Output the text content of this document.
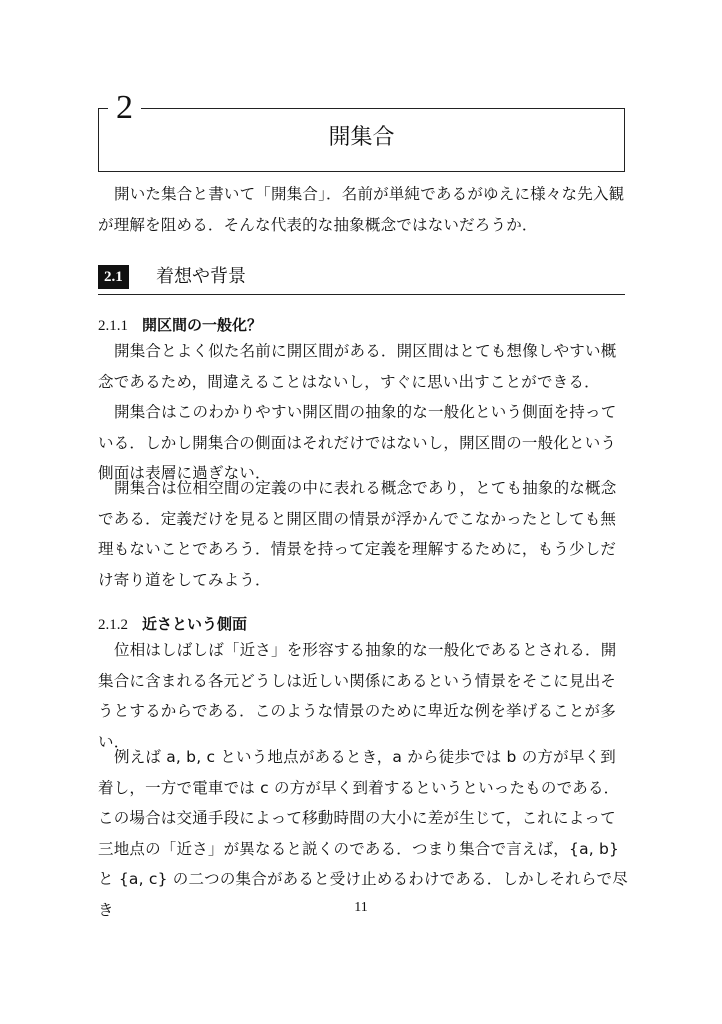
2
開集合

開いた集合と書いて「開集合」．名前が単純であるがゆえに様々な先入観が理解を阻める．そんな代表的な抽象概念ではないだろうか．

2.1	着想や背景
2.1.1 開区間の一般化？

開集合とよく似た名前に開区間がある．開区間はとても想像しやすい概念であるため，間違えることはないし，すぐに思い出すことができる．

開集合はこのわかりやすい開区間の抽象的な一般化という側面を持っている．しかし開集合の側面はそれだけではないし，開区間の一般化という側面は表層に過ぎない．

開集合は位相空間の定義の中に表れる概念であり，とても抽象的な概念である．定義だけを見ると開区間の情景が浮かんでこなかったとしても無理もないことであろう．情景を持って定義を理解するために，もう少しだけ寄り道をしてみよう．

2.1.2 近さという側面

位相はしばしば「近さ」を形容する抽象的な一般化であるとされる．開集合に含まれる各元どうしは近しい関係にあるという情景をそこに見出そうとするからである．このような情景のために卑近な例を挙げることが多い．

例えば a, b, c という地点があるとき，a から徒歩では b の方が早く到着し，一方で電車では c の方が早く到着するというといったものである．この場合は交通手段によって移動時間の大小に差が生じて，これによって三地点の「近さ」が異なると説くのである．つまり集合で言えば，{a, b} と {a, c} の二つの集合があると受け止めるわけである．しかしそれらで尽き	11
